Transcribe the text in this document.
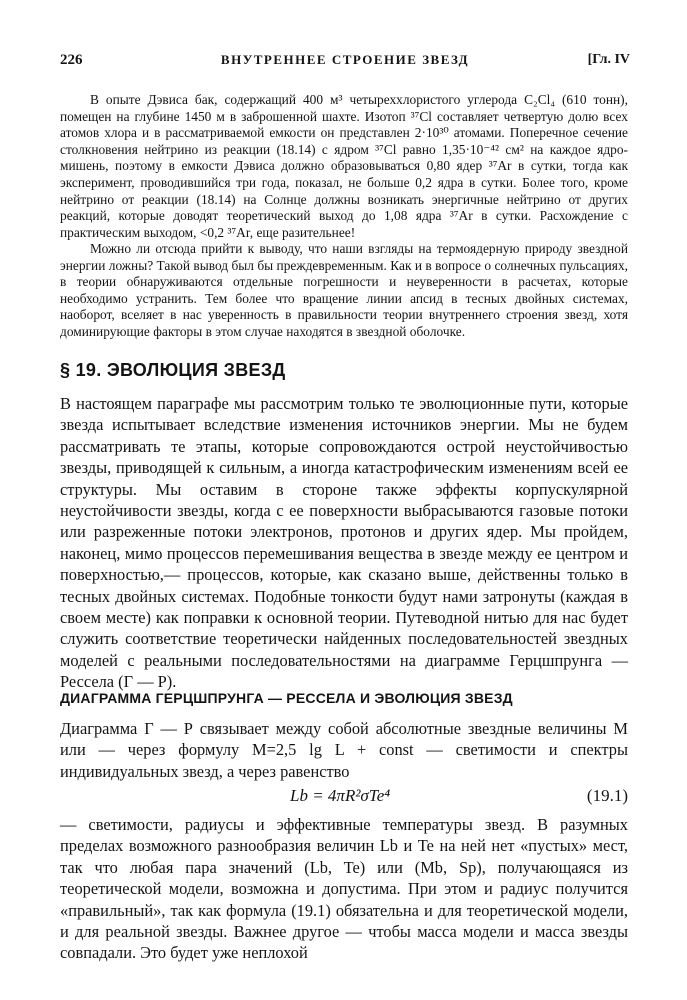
226	ВНУТРЕННЕЕ СТРОЕНИЕ ЗВЕЗД	[Гл. IV

В опыте Дэвиса бак, содержащий 400 м³ четыреххлористого углерода C₂Cl₄ (610 тонн), помещен на глубине 1450 м в заброшенной шахте. Изотоп ³⁷Cl составляет четвертую долю всех атомов хлора и в рассматриваемой емкости он представлен 2·10³⁰ атомами. Поперечное сечение столкновения нейтрино из реакции (18.14) с ядром ³⁷Cl равно 1,35·10⁻⁴² см² на каждое ядро-мишень, поэтому в емкости Дэвиса должно образовываться 0,80 ядер ³⁷Ar в сутки, тогда как эксперимент, проводившийся три года, показал, не больше 0,2 ядра в сутки. Более того, кроме нейтрино от реакции (18.14) на Солнце должны возникать энергичные нейтрино от других реакций, которые доводят теоретический выход до 1,08 ядра ³⁷Ar в сутки. Расхождение с практическим выходом, <0,2 ³⁷Ar, еще разительнее!

Можно ли отсюда прийти к выводу, что наши взгляды на термоядерную природу звездной энергии ложны? Такой вывод был бы преждевременным. Как и в вопросе о солнечных пульсациях, в теории обнаруживаются отдельные погрешности и неуверенности в расчетах, которые необходимо устранить. Тем более что вращение линии апсид в тесных двойных системах, наоборот, вселяет в нас уверенность в правильности теории внутреннего строения звезд, хотя доминирующие факторы в этом случае находятся в звездной оболочке.

§ 19. ЭВОЛЮЦИЯ ЗВЕЗД

В настоящем параграфе мы рассмотрим только те эволюционные пути, которые звезда испытывает вследствие изменения источников энергии. Мы не будем рассматривать те этапы, которые сопровождаются острой неустойчивостью звезды, приводящей к сильным, а иногда катастрофическим изменениям всей ее структуры. Мы оставим в стороне также эффекты корпускулярной неустойчивости звезды, когда с ее поверхности выбрасываются газовые потоки или разреженные потоки электронов, протонов и других ядер. Мы пройдем, наконец, мимо процессов перемешивания вещества в звезде между ее центром и поверхностью,— процессов, которые, как сказано выше, действенны только в тесных двойных системах. Подобные тонкости будут нами затронуты (каждая в своем месте) как поправки к основной теории. Путеводной нитью для нас будет служить соответствие теоретически найденных последовательностей звездных моделей с реальными последовательностями на диаграмме Герцшпрунга — Рессела (Г — Р).

ДИАГРАММА ГЕРЦШПРУНГА — РЕССЕЛА И ЭВОЛЮЦИЯ ЗВЕЗД

Диаграмма Г — Р связывает между собой абсолютные звездные величины M или — через формулу M=2,5 lg L + const — светимости и спектры индивидуальных звезд, а через равенство

Lb = 4πR²σTe⁴	(19.1)

— светимости, радиусы и эффективные температуры звезд. В разумных пределах возможного разнообразия величин Lb и Te на ней нет «пустых» мест, так что любая пара значений (Lb, Te) или (Mb, Sp), получающаяся из теоретической модели, возможна и допустима. При этом и радиус получится «правильный», так как формула (19.1) обязательна и для теоретической модели, и для реальной звезды. Важнее другое — чтобы масса модели и масса звезды совпадали. Это будет уже неплохой
